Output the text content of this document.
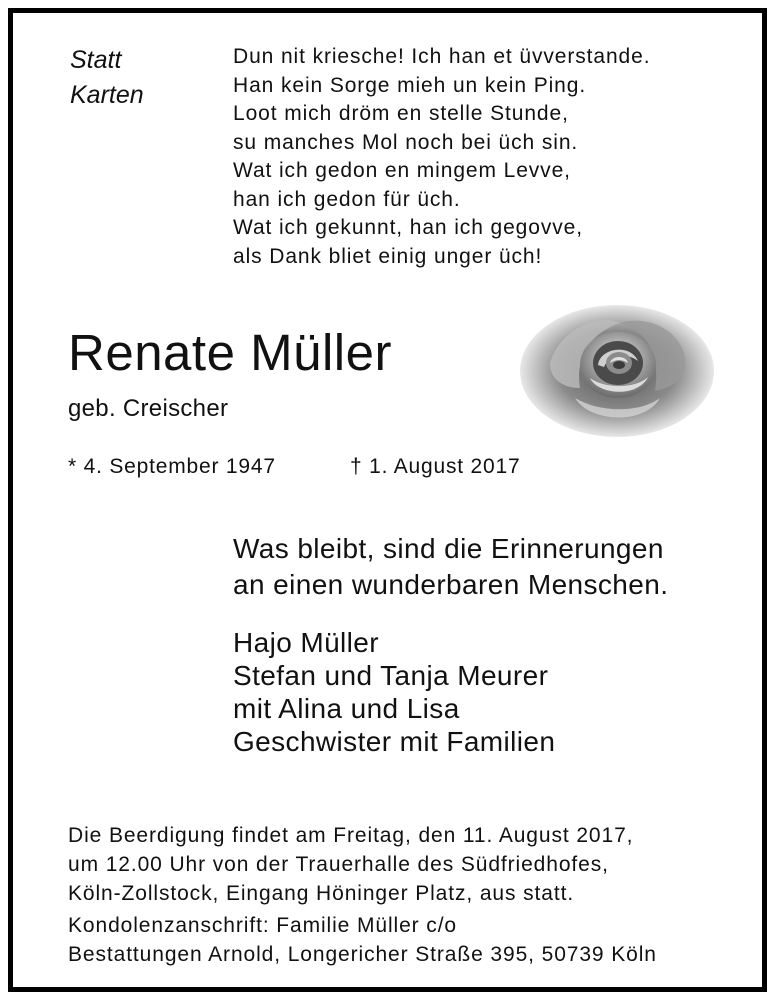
Statt
Karten
Dun nit kriesche! Ich han et üvverstande.
Han kein Sorge mieh un kein Ping.
Loot mich dröm en stelle Stunde,
su manches Mol noch bei üch sin.
Wat ich gedon en mingem Levve,
han ich gedon für üch.
Wat ich gekunnt, han ich gegovve,
als Dank bliet einig unger üch!
Renate Müller
geb. Creischer
* 4. September 1947	† 1. August 2017
Was bleibt, sind die Erinnerungen
an einen wunderbaren Menschen.
Hajo Müller
Stefan und Tanja Meurer
mit Alina und Lisa
Geschwister mit Familien
Die Beerdigung findet am Freitag, den 11. August 2017,
um 12.00 Uhr von der Trauerhalle des Südfriedhofes,
Köln-Zollstock, Eingang Höninger Platz, aus statt.
Kondolenzanschrift: Familie Müller c/o
Bestattungen Arnold, Longericher Straße 395, 50739 Köln
